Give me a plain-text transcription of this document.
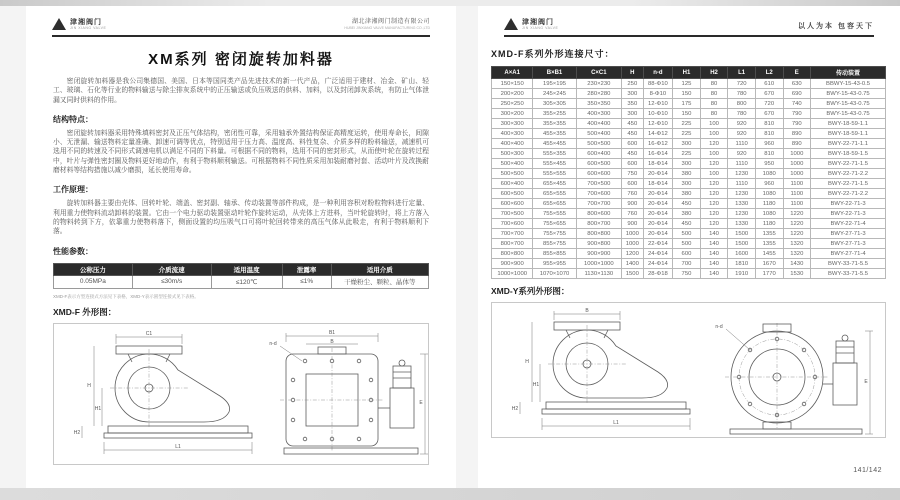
津湘阀门
JIN XIANG VALVE
湖北津湘阀门制造有限公司
HUBEI JINXIANG VALVE MANUFACTURING CO.,LTD
XM系列 密闭旋转加料器
密闭旋转加料器是我公司集德国、美国、日本等国同类产品先进技术的新一代产品，广泛适用于建材、冶金、矿山、轻工、玻璃、石化等行业的物料输送与除尘排灰系统中的正压输送或负压吸送的供料、加料，以及封闭卸灰系统，有防止气体泄漏又同时供料的作用。
结构特点：
密闭旋转加料器采用特殊填料密封及正压气体结构，密闭性可靠，采用轴承外置结构保证高精度运转，使用寿命长，间隙小、无泄漏、输送物料定量准确、卸速可调等优点，特别适用于压力高、温度高、料性复杂、介质多样的粉料输送，减速机可选用不同的转速及不同形式调速电机以满足不同的下料量。可根据不同的物料，选用不同的密封形式，从而使叶轮在旋转过程中，叶片与弹性密封圈及物料更好地动作，有利于物料顺利输送。可根据物料不同性质采用加装耐磨衬套、活动叶片及改换耐磨材料等结构措施以减少磨损，延长使用寿命。
工作原理：
旋转加料器主要由壳体、回转叶轮、端盖、密封副、轴承、传动装置等部件构成，是一种利用容积对粉粒物料进行定量、利用重力使物料流动卸料的装置。它由一个电力驱动装置驱动叶轮作旋转运动，从壳体上方进料，当叶轮旋转时，将上方落入的物料转到下方，依靠重力使物料落下，侧面设置的均压吸气口可将叶轮回转带来的高压气体从此吸走，有利于物料顺利下落。
性能参数：
公称压力	介质流速	适用温度	泄露率	适用介质
0.05MPa	≤30m/s	≤120℃	≤1%	干燥粉尘、颗粒、晶体等
XMD-F表示方型连接式方法见下表格，XMD-Y表示圆型连接式见下表格。
XMD-F 外形图：
C1
L1
H
H1
H2
B1
B
n-d
E
津湘阀门
JIN XIANG VALVE	以人为本 包容天下
XMD-F系列外形连接尺寸：
A×A1	B×B1	C×C1	H	n-d	H1	H2	L1	L2	E	传动装置
150×150	195×195	230×230	250	88-Φ10	125	80	720	610	630	BBWY-15-43-0.5
200×200	245×245	280×280	300	8-Φ10	150	80	780	670	690	BWY-15-43-0.75
250×250	305×305	350×350	350	12-Φ10	175	80	800	720	740	BWY-15-43-0.75
300×200	355×255	400×300	300	10-Φ10	150	80	780	670	790	BWY-15-43-0.75
300×300	355×355	400×400	450	12-Φ10	225	100	920	810	790	BWY-18-59-1.1
400×300	455×355	500×400	450	14-Φ12	225	100	920	810	890	BWY-18-59-1.1
400×400	455×455	500×500	600	16-Φ12	300	120	1110	960	890	BWY-22-71-1.1
500×300	555×355	600×400	450	16-Φ14	225	100	920	810	1000	BWY-18-59-1.5
500×400	555×455	600×500	600	18-Φ14	300	120	1110	950	1000	BWY-22-71-1.5
500×500	555×555	600×600	750	20-Φ14	380	100	1230	1080	1000	BWY-22-71-2.2
600×400	655×455	700×500	600	18-Φ14	300	120	1110	960	1100	BWY-22-71-1.5
600×500	655×555	700×600	760	20-Φ14	380	120	1230	1080	1100	BWY-22-71-2.2
600×600	655×655	700×700	900	20-Φ14	450	120	1330	1180	1100	BWY-22-71-3
700×500	755×555	800×600	760	20-Φ14	380	120	1230	1080	1220	BWY-22-71-3
700×600	755×655	800×700	900	20-Φ14	450	120	1330	1180	1220	BWY-22-71-4
700×700	755×755	800×800	1000	20-Φ14	500	140	1500	1355	1220	BWY-27-71-3
800×700	855×755	900×800	1000	22-Φ14	500	140	1500	1355	1320	BWY-27-71-3
800×800	855×855	900×900	1200	24-Φ14	600	140	1600	1455	1320	BWY-27-71-4
900×900	955×955	1000×1000	1400	24-Φ14	700	140	1810	1670	1430	BWY-33-71-5.5
1000×1000	1070×1070	1130×1130	1500	28-Φ18	750	140	1910	1770	1530	BWY-33-71-5.5
XMD-Y系列外形图：
B
L1
H
H1
H2
n-d
E
141/142
